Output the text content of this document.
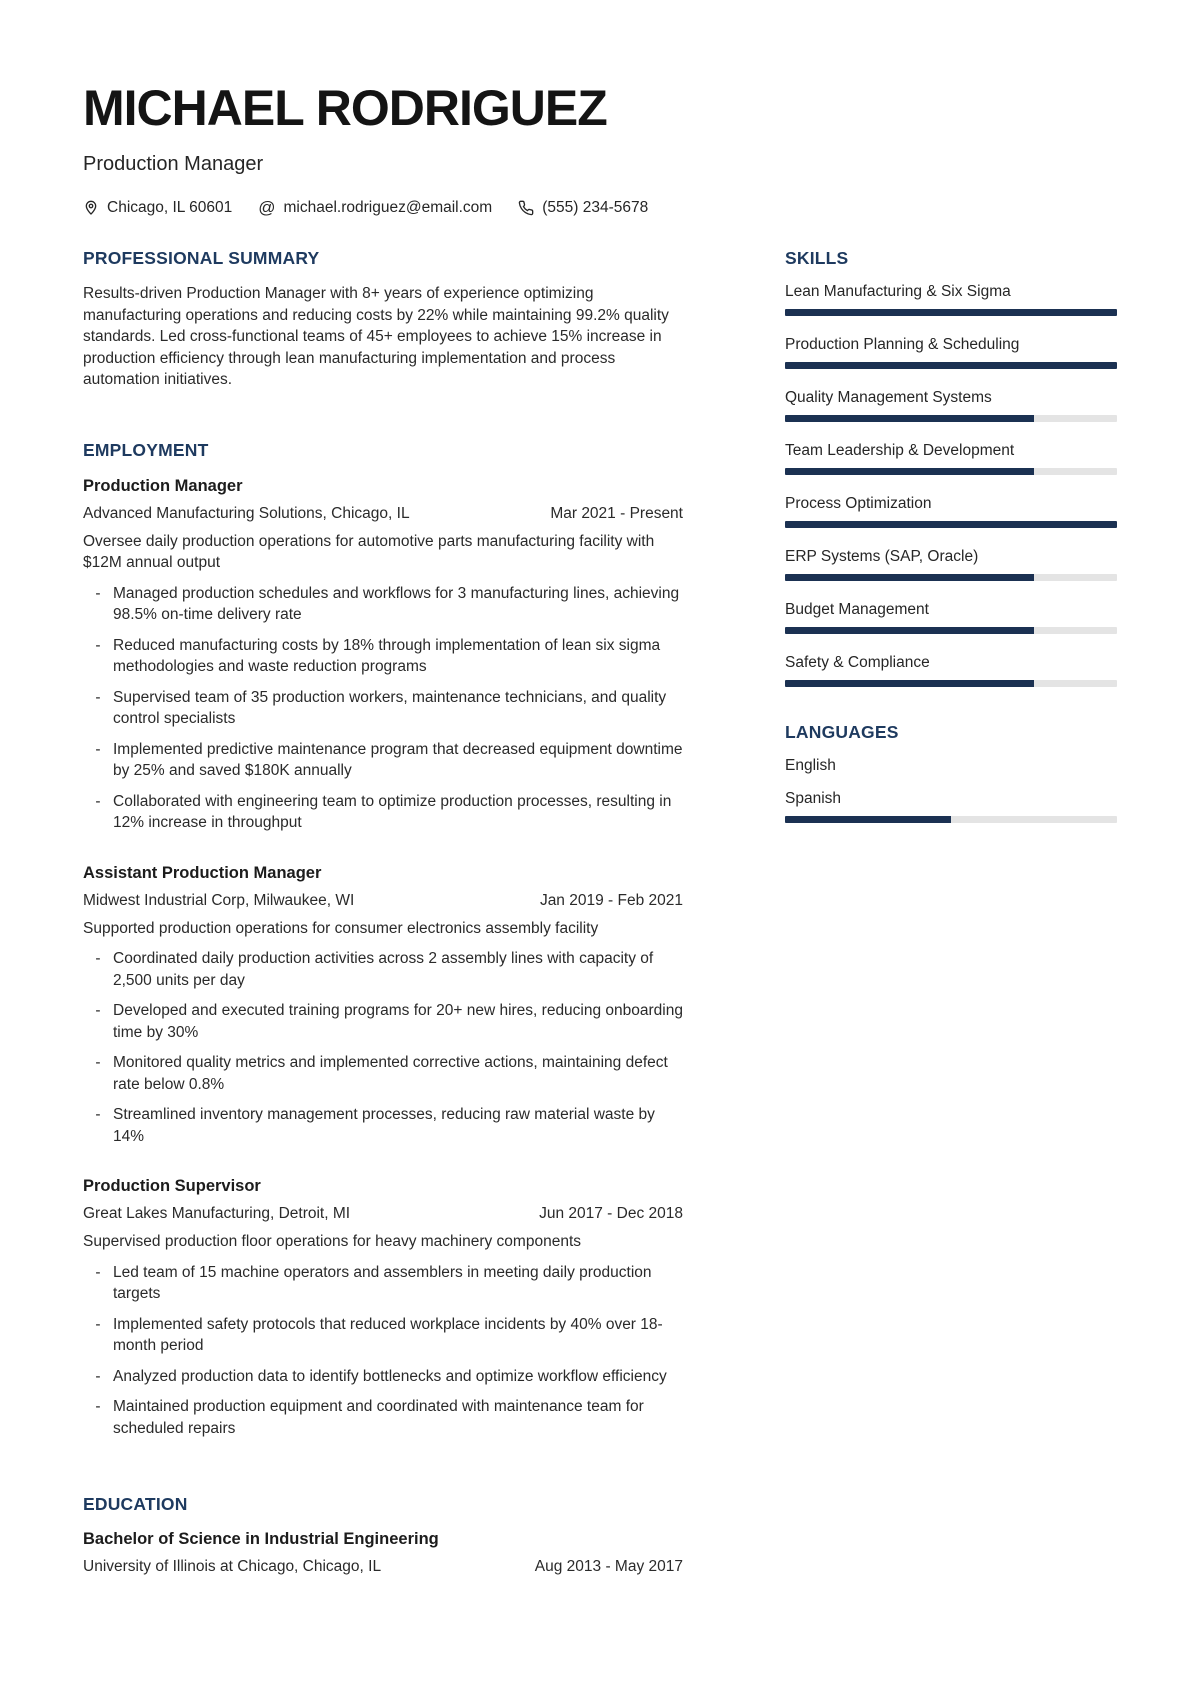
MICHAEL RODRIGUEZ
Production Manager
Chicago, IL 60601 @ michael.rodriguez@email.com	(555) 234-5678
PROFESSIONAL SUMMARY

Results-driven Production Manager with 8+ years of experience optimizing manufacturing operations and reducing costs by 22% while maintaining 99.2% quality standards. Led cross-functional teams of 45+ employees to achieve 15% increase in production efficiency through lean manufacturing implementation and process automation initiatives.

EMPLOYMENT
Production Manager
Advanced Manufacturing Solutions, Chicago, IL	Mar 2021 - Present
Oversee daily production operations for automotive parts manufacturing facility with $12M annual output
- Managed production schedules and workflows for 3 manufacturing lines, achieving 98.5% on-time delivery rate
- Reduced manufacturing costs by 18% through implementation of lean six sigma methodologies and waste reduction programs
- Supervised team of 35 production workers, maintenance technicians, and quality control specialists
- Implemented predictive maintenance program that decreased equipment downtime by 25% and saved $180K annually
- Collaborated with engineering team to optimize production processes, resulting in 12% increase in throughput
Assistant Production Manager
Midwest Industrial Corp, Milwaukee, WI	Jan 2019 - Feb 2021
Supported production operations for consumer electronics assembly facility
- Coordinated daily production activities across 2 assembly lines with capacity of 2,500 units per day
- Developed and executed training programs for 20+ new hires, reducing onboarding time by 30%
- Monitored quality metrics and implemented corrective actions, maintaining defect rate below 0.8%
- Streamlined inventory management processes, reducing raw material waste by 14%
Production Supervisor
Great Lakes Manufacturing, Detroit, MI	Jun 2017 - Dec 2018
Supervised production floor operations for heavy machinery components
- Led team of 15 machine operators and assemblers in meeting daily production targets
- Implemented safety protocols that reduced workplace incidents by 40% over 18-month period
- Analyzed production data to identify bottlenecks and optimize workflow efficiency
- Maintained production equipment and coordinated with maintenance team for scheduled repairs
EDUCATION
Bachelor of Science in Industrial Engineering
University of Illinois at Chicago, Chicago, IL	Aug 2013 - May 2017
SKILLS
Lean Manufacturing & Six Sigma
Production Planning & Scheduling
Quality Management Systems
Team Leadership & Development
Process Optimization
ERP Systems (SAP, Oracle)
Budget Management
Safety & Compliance
LANGUAGES
English
Spanish
